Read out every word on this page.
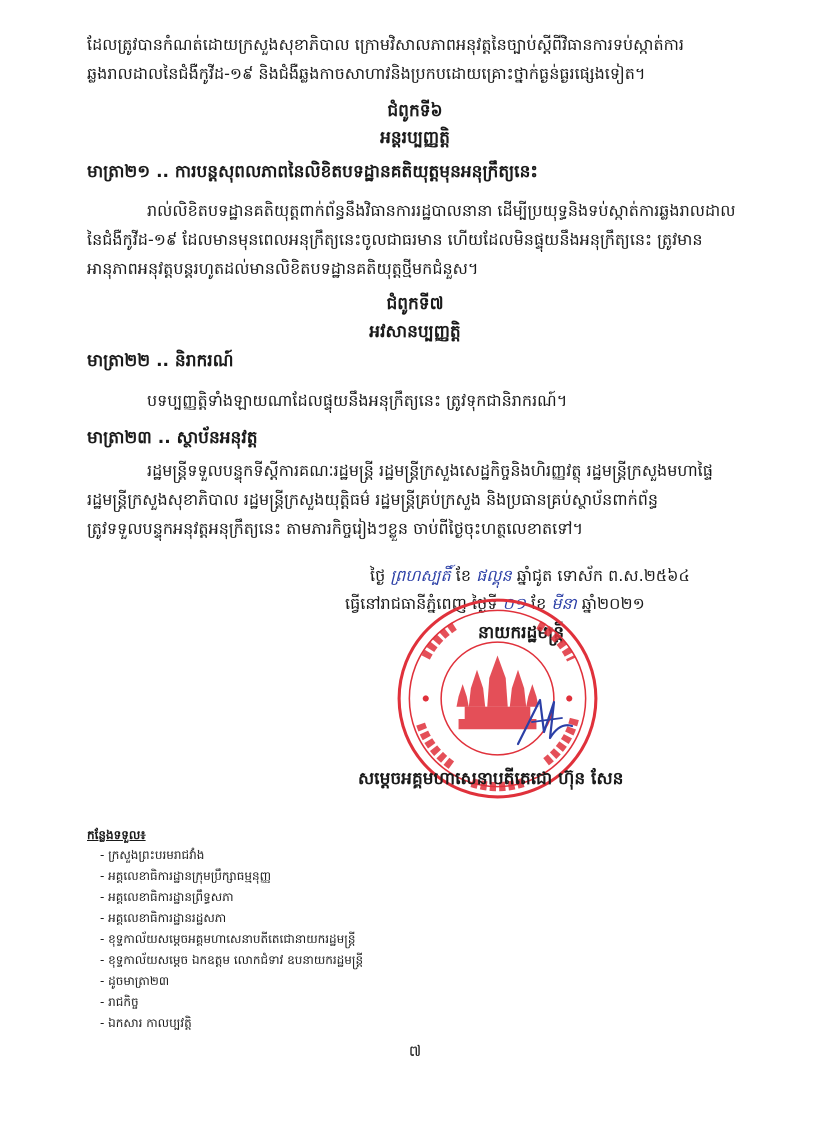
ដែលត្រូវបានកំណត់ដោយក្រសួងសុខាភិបាល ក្រោមវិសាលភាពអនុវត្តនៃច្បាប់ស្តីពីវិធានការទប់ស្កាត់ការ
ឆ្លងរាលដាលនៃជំងឺកូវីដ-១៩ និងជំងឺឆ្លងកាចសាហាវនិងប្រកបដោយគ្រោះថ្នាក់ធ្ងន់ធ្ងរផ្សេងទៀត។
ជំពូកទី៦
អន្តរប្បញ្ញត្តិ
មាត្រា២១ .. ការបន្តសុពលភាពនៃលិខិតបទដ្ឋានគតិយុត្តមុនអនុក្រឹត្យនេះ
រាល់លិខិតបទដ្ឋានគតិយុត្តពាក់ព័ន្ធនឹងវិធានការរដ្ឋបាលនានា ដើម្បីប្រយុទ្ធនិងទប់ស្កាត់ការឆ្លងរាលដាល
នៃជំងឺកូវីដ-១៩ ដែលមានមុនពេលអនុក្រឹត្យនេះចូលជាធរមាន ហើយដែលមិនផ្ទុយនឹងអនុក្រឹត្យនេះ ត្រូវមាន
អានុភាពអនុវត្តបន្តរហូតដល់មានលិខិតបទដ្ឋានគតិយុត្តថ្មីមកជំនួស។
ជំពូកទី៧
អវសានប្បញ្ញត្តិ
មាត្រា២២ .. និរាករណ៍
បទប្បញ្ញត្តិទាំងឡាយណាដែលផ្ទុយនឹងអនុក្រឹត្យនេះ ត្រូវទុកជានិរាករណ៍។
មាត្រា២៣ .. ស្ថាប័នអនុវត្ត
រដ្ឋមន្ត្រីទទួលបន្ទុកទីស្តីការគណៈរដ្ឋមន្ត្រី រដ្ឋមន្ត្រីក្រសួងសេដ្ឋកិច្ចនិងហិរញ្ញវត្ថុ រដ្ឋមន្ត្រីក្រសួងមហាផ្ទៃ
រដ្ឋមន្ត្រីក្រសួងសុខាភិបាល រដ្ឋមន្ត្រីក្រសួងយុត្តិធម៌ រដ្ឋមន្ត្រីគ្រប់ក្រសួង និងប្រធានគ្រប់ស្ថាប័នពាក់ព័ន្ធ
ត្រូវទទួលបន្ទុកអនុវត្តអនុក្រឹត្យនេះ តាមភារកិច្ចរៀងៗខ្លួន ចាប់ពីថ្ងៃចុះហត្ថលេខាតទៅ។
ថ្ងៃ ព្រហស្បតិ៍ ខែ ផល្គុន ឆ្នាំជូត ទោស័ក ព.ស.២៥៦៤
ធ្វើនៅរាជធានីភ្នំពេញ ថ្ងៃទី ០១ ខែ មីនា ឆ្នាំ២០២១
នាយករដ្ឋមន្ត្រី
សម្តេចអគ្គមហាសេនាបតីតេជោ ហ៊ុន សែន
កន្លែងទទួល៖
- ក្រសួងព្រះបរមរាជវាំង
- អគ្គលេខាធិការដ្ឋានក្រុមប្រឹក្សាធម្មនុញ្ញ
- អគ្គលេខាធិការដ្ឋានព្រឹទ្ធសភា
- អគ្គលេខាធិការដ្ឋានរដ្ឋសភា
- ខុទ្ទកាល័យសម្តេចអគ្គមហាសេនាបតីតេជោនាយករដ្ឋមន្ត្រី
- ខុទ្ទកាល័យសម្តេច ឯកឧត្តម លោកជំទាវ ឧបនាយករដ្ឋមន្ត្រី
- ដូចមាត្រា២៣
- រាជកិច្ច
- ឯកសារ កាលប្បវត្តិ
៧
